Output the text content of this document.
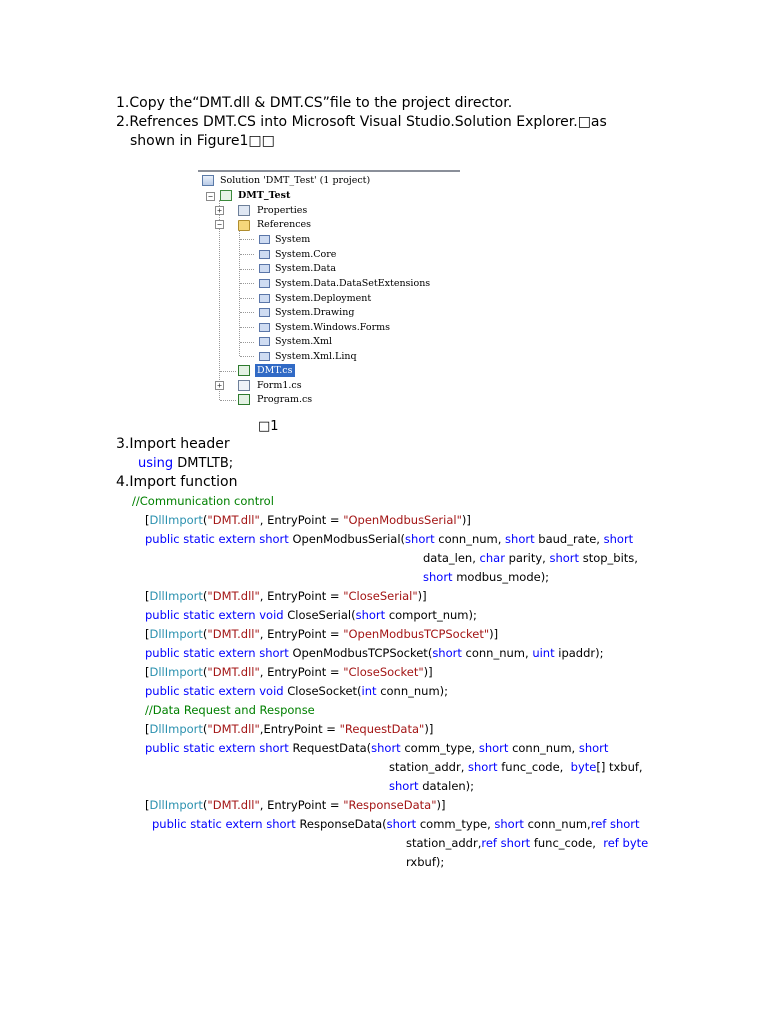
1.Copy the“DMT.dll & DMT.CS”file to the project director.
2.Refrences DMT.CS into Microsoft Visual Studio.Solution Explorer.□as
shown in Figure1□□
Solution 'DMT_Test' (1 project)
−	DMT_Test
+	Properties
−	References
System
System.Core
System.Data
System.Data.DataSetExtensions
System.Deployment
System.Drawing
System.Windows.Forms
System.Xml
System.Xml.Linq
DMT.cs
+	Form1.cs
Program.cs
□1
3.Import header
using DMTLTB;
4.Import function
//Communication control
[DllImport("DMT.dll", EntryPoint = "OpenModbusSerial")]
public static extern short OpenModbusSerial(short conn_num, short baud_rate, short
data_len, char parity, short stop_bits,
short modbus_mode);
[DllImport("DMT.dll", EntryPoint = "CloseSerial")]
public static extern void CloseSerial(short comport_num);
[DllImport("DMT.dll", EntryPoint = "OpenModbusTCPSocket")]
public static extern short OpenModbusTCPSocket(short conn_num, uint ipaddr);
[DllImport("DMT.dll", EntryPoint = "CloseSocket")]
public static extern void CloseSocket(int conn_num);
//Data Request and Response
[DllImport("DMT.dll",EntryPoint = "RequestData")]
public static extern short RequestData(short comm_type, short conn_num, short
station_addr, short func_code, byte[] txbuf,
short datalen);
[DllImport("DMT.dll", EntryPoint = "ResponseData")]
public static extern short ResponseData(short comm_type, short conn_num,ref short
station_addr,ref short func_code, ref byte
rxbuf);
